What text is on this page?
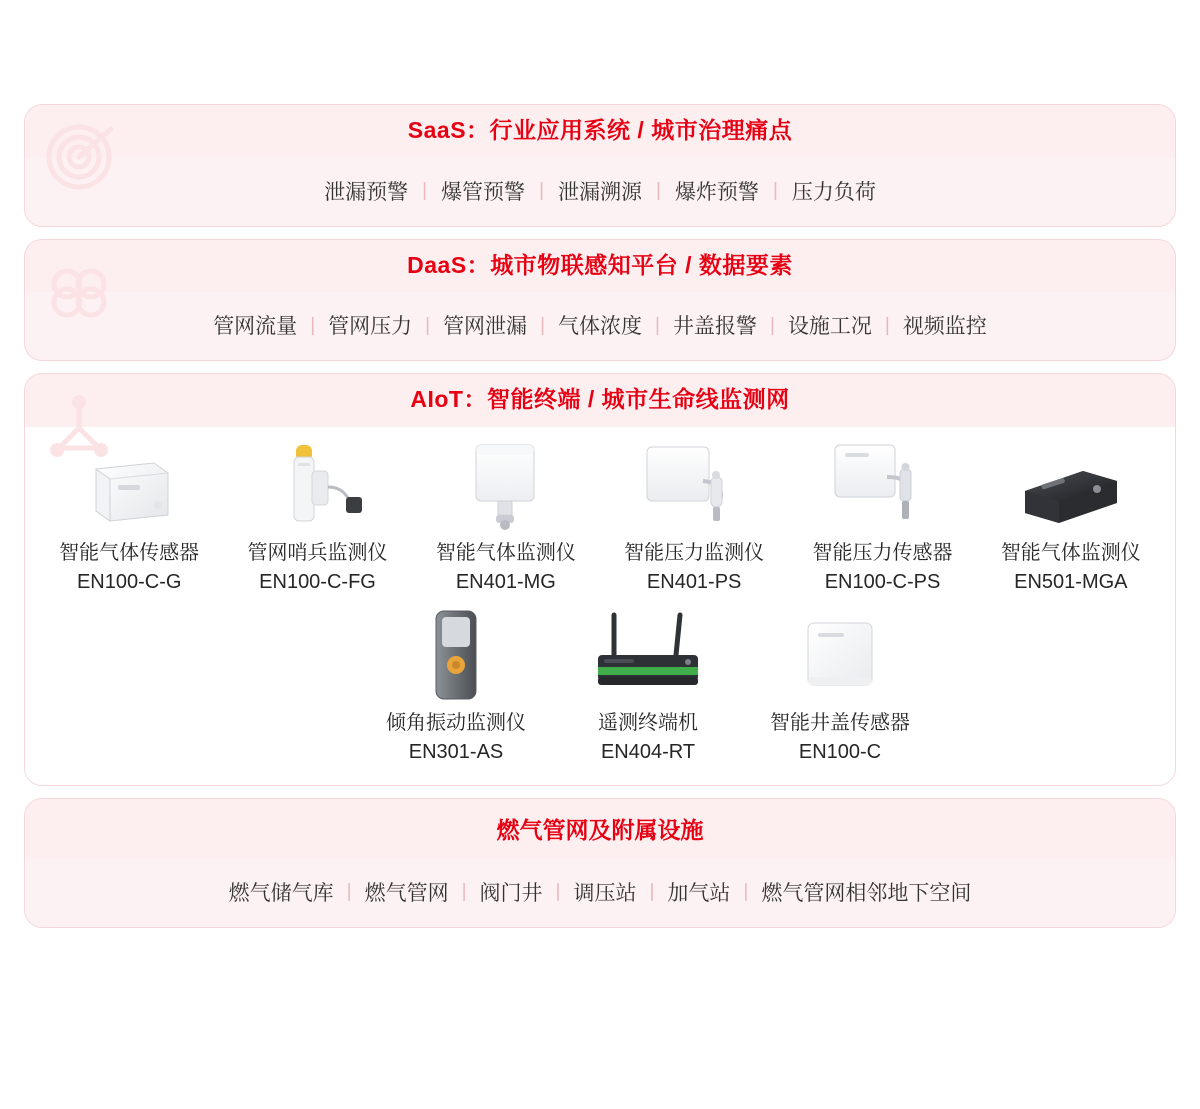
SaaS：行业应用系统 / 城市治理痛点
泄漏预警 | 爆管预警 | 泄漏溯源 | 爆炸预警 | 压力负荷
DaaS：城市物联感知平台 / 数据要素
管网流量 | 管网压力 | 管网泄漏 | 气体浓度 | 井盖报警 | 设施工况 | 视频监控
AIoT：智能终端 / 城市生命线监测网
智能气体传感器
EN100-C-G
管网哨兵监测仪
EN100-C-FG
智能气体监测仪
EN401-MG
智能压力监测仪
EN401-PS
智能压力传感器
EN100-C-PS
智能气体监测仪
EN501-MGA
倾角振动监测仪
EN301-AS
遥测终端机
EN404-RT
智能井盖传感器
EN100-C
燃气管网及附属设施
燃气储气库 | 燃气管网 | 阀门井 | 调压站 | 加气站 | 燃气管网相邻地下空间
